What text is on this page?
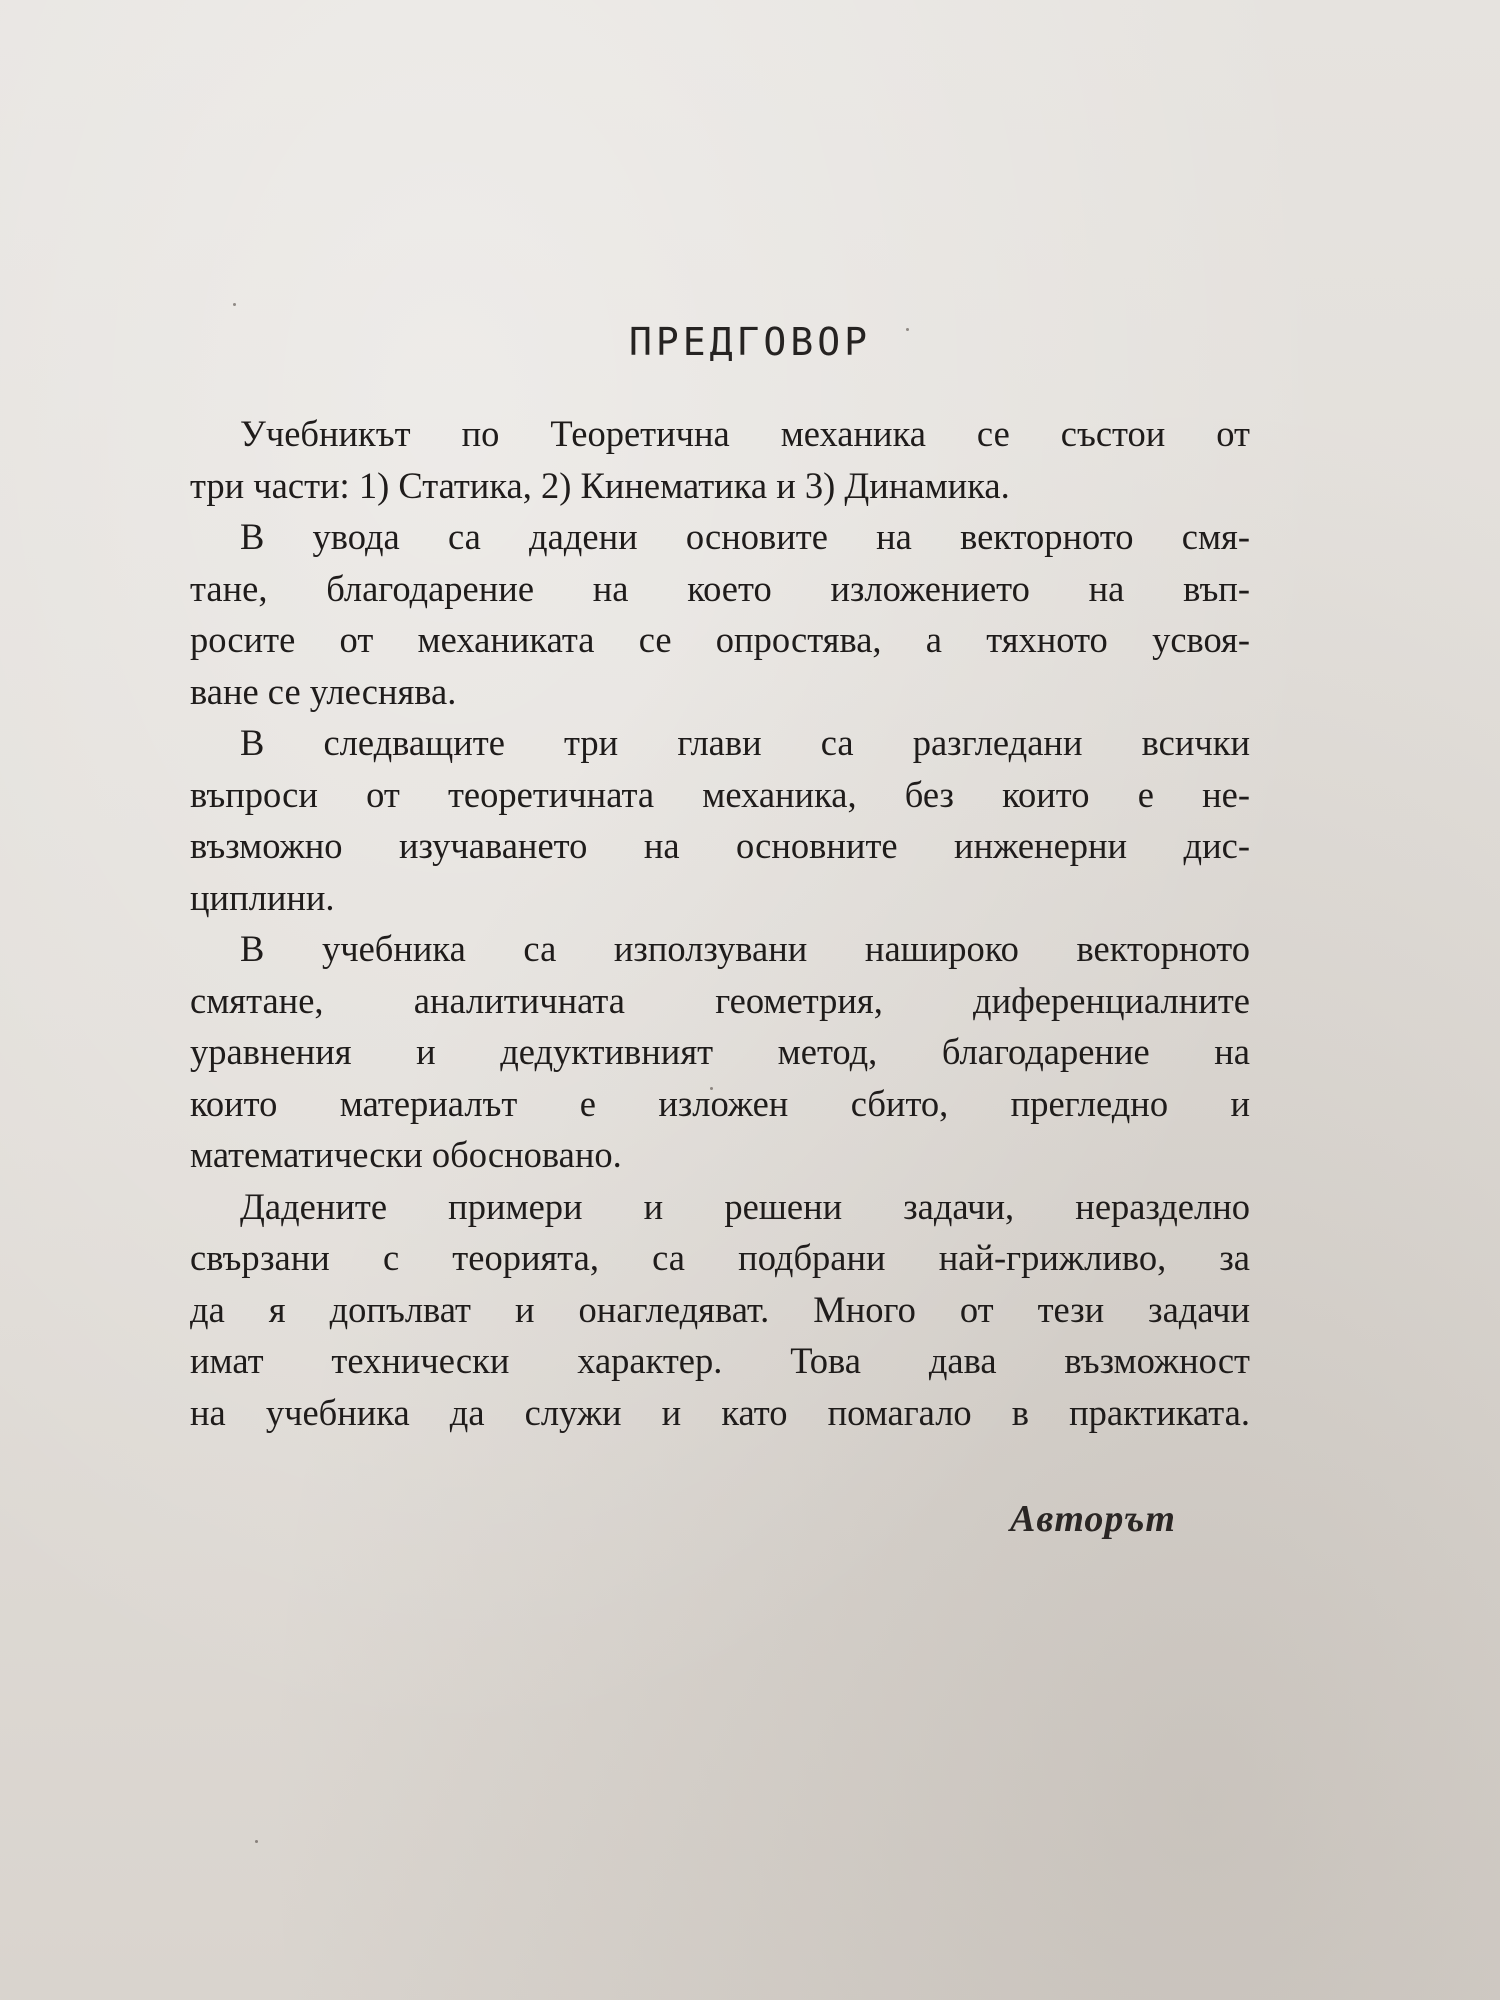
ПРЕДГОВОР

Учебникът по Теоретична механика се състои от
три части: 1) Статика, 2) Кинематика и 3) Динамика.

В увода са дадени основите на векторното смя-
тане, благодарение на което изложението на въп-
росите от механиката се опростява, а тяхното усвоя-
ване се улеснява.

В следващите три глави са разгледани всички
въпроси от теоретичната механика, без които е не-
възможно изучаването на основните инженерни дис-
циплини.

В учебника са използувани нашироко векторното
смятане, аналитичната геометрия, диференциалните
уравнения и дедуктивният метод, благодарение на
които материалът е изложен сбито, прегледно и
математически обосновано.

Дадените примери и решени задачи, неразделно
свързани с теорията, са подбрани най-грижливо, за
да я допълват и онагледяват. Много от тези задачи
имат технически характер. Това дава възможност
на учебника да служи и като помагало в практиката.

Авторът
